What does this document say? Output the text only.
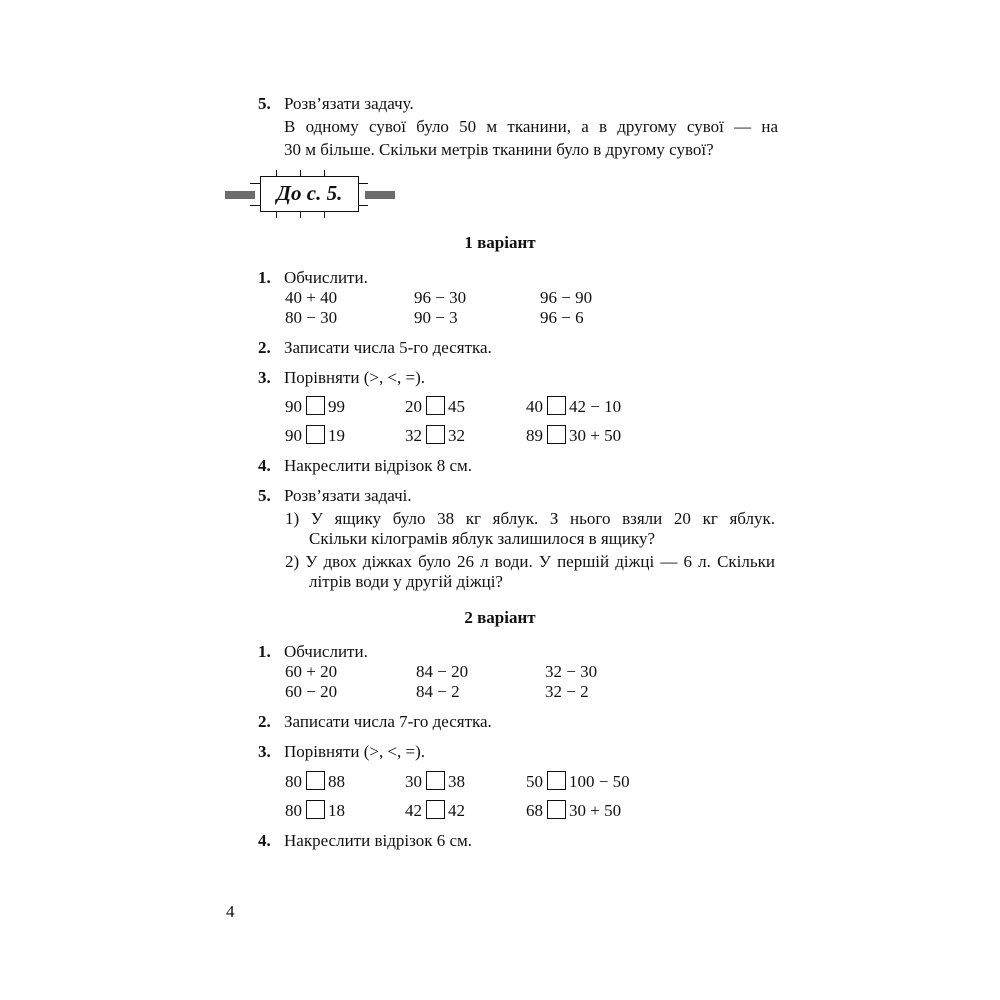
5. Розв’язати задачу.
В одному сувої було 50 м тканини, а в другому сувої — на
30 м більше. Скільки метрів тканини було в другому сувої?
До с. 5.
1 варіант
1. Обчислити.
40 + 40	96 − 30	96 − 90
80 − 30	90 − 3	96 − 6
2. Записати числа 5-го десятка.
3. Порівняти (>, <, =).
90 99	20 45	40 42 − 10
90 19	32 32	89 30 + 50
4. Накреслити відрізок 8 см.
5. Розв’язати задачі.
1) У ящику було 38 кг яблук. З нього взяли 20 кг яблук.
Скільки кілограмів яблук залишилося в ящику?
2) У двох діжках було 26 л води. У першій діжці — 6 л. Скільки
літрів води у другій діжці?
2 варіант
1. Обчислити.
60 + 20	84 − 20	32 − 30
60 − 20	84 − 2	32 − 2
2. Записати числа 7-го десятка.
3. Порівняти (>, <, =).
80 88	30 38	50 100 − 50
80 18	42 42	68 30 + 50
4. Накреслити відрізок 6 см.
4
